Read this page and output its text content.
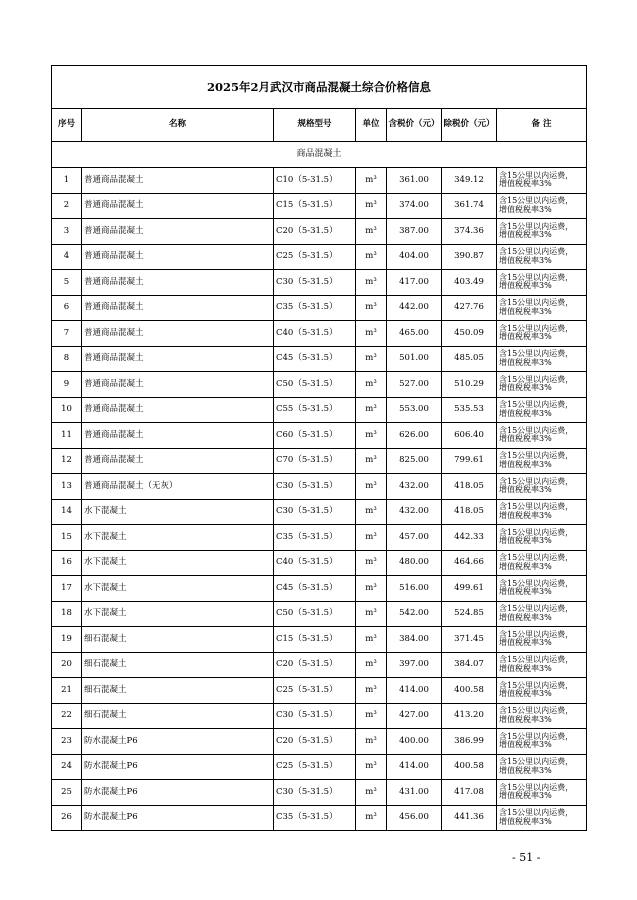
2025年2月武汉市商品混凝土综合价格信息						
序号	名称	规格型号	单位	含税价（元）	除税价（元）	备 注
商品混凝土						
1	普通商品混凝土	C10（5-31.5）	m³	361.00	349.12	含15公里以内运费，
增值税税率3%

2	普通商品混凝土	C15（5-31.5）	m³	374.00	361.74	含15公里以内运费，
增值税税率3%

3	普通商品混凝土	C20（5-31.5）	m³	387.00	374.36	含15公里以内运费，
增值税税率3%

4	普通商品混凝土	C25（5-31.5）	m³	404.00	390.87	含15公里以内运费，
增值税税率3%

5	普通商品混凝土	C30（5-31.5）	m³	417.00	403.49	含15公里以内运费，
增值税税率3%

6	普通商品混凝土	C35（5-31.5）	m³	442.00	427.76	含15公里以内运费，
增值税税率3%

7	普通商品混凝土	C40（5-31.5）	m³	465.00	450.09	含15公里以内运费，
增值税税率3%

8	普通商品混凝土	C45（5-31.5）	m³	501.00	485.05	含15公里以内运费，
增值税税率3%

9	普通商品混凝土	C50（5-31.5）	m³	527.00	510.29	含15公里以内运费，
增值税税率3%

10	普通商品混凝土	C55（5-31.5）	m³	553.00	535.53	含15公里以内运费，
增值税税率3%

11	普通商品混凝土	C60（5-31.5）	m³	626.00	606.40	含15公里以内运费，
增值税税率3%

12	普通商品混凝土	C70（5-31.5）	m³	825.00	799.61	含15公里以内运费，
增值税税率3%

13	普通商品混凝土（无灰）	C30（5-31.5）	m³	432.00	418.05	含15公里以内运费，
增值税税率3%

14	水下混凝土	C30（5-31.5）	m³	432.00	418.05	含15公里以内运费，
增值税税率3%

15	水下混凝土	C35（5-31.5）	m³	457.00	442.33	含15公里以内运费，
增值税税率3%

16	水下混凝土	C40（5-31.5）	m³	480.00	464.66	含15公里以内运费，
增值税税率3%

17	水下混凝土	C45（5-31.5）	m³	516.00	499.61	含15公里以内运费，
增值税税率3%

18	水下混凝土	C50（5-31.5）	m³	542.00	524.85	含15公里以内运费，
增值税税率3%

19	细石混凝土	C15（5-31.5）	m³	384.00	371.45	含15公里以内运费，
增值税税率3%

20	细石混凝土	C20（5-31.5）	m³	397.00	384.07	含15公里以内运费，
增值税税率3%

21	细石混凝土	C25（5-31.5）	m³	414.00	400.58	含15公里以内运费，
增值税税率3%

22	细石混凝土	C30（5-31.5）	m³	427.00	413.20	含15公里以内运费，
增值税税率3%

23	防水混凝土P6	C20（5-31.5）	m³	400.00	386.99	含15公里以内运费，
增值税税率3%

24	防水混凝土P6	C25（5-31.5）	m³	414.00	400.58	含15公里以内运费，
增值税税率3%

25	防水混凝土P6	C30（5-31.5）	m³	431.00	417.08	含15公里以内运费，
增值税税率3%

26	防水混凝土P6	C35（5-31.5）	m³	456.00	441.36	含15公里以内运费，
增值税税率3%
- 51 -
